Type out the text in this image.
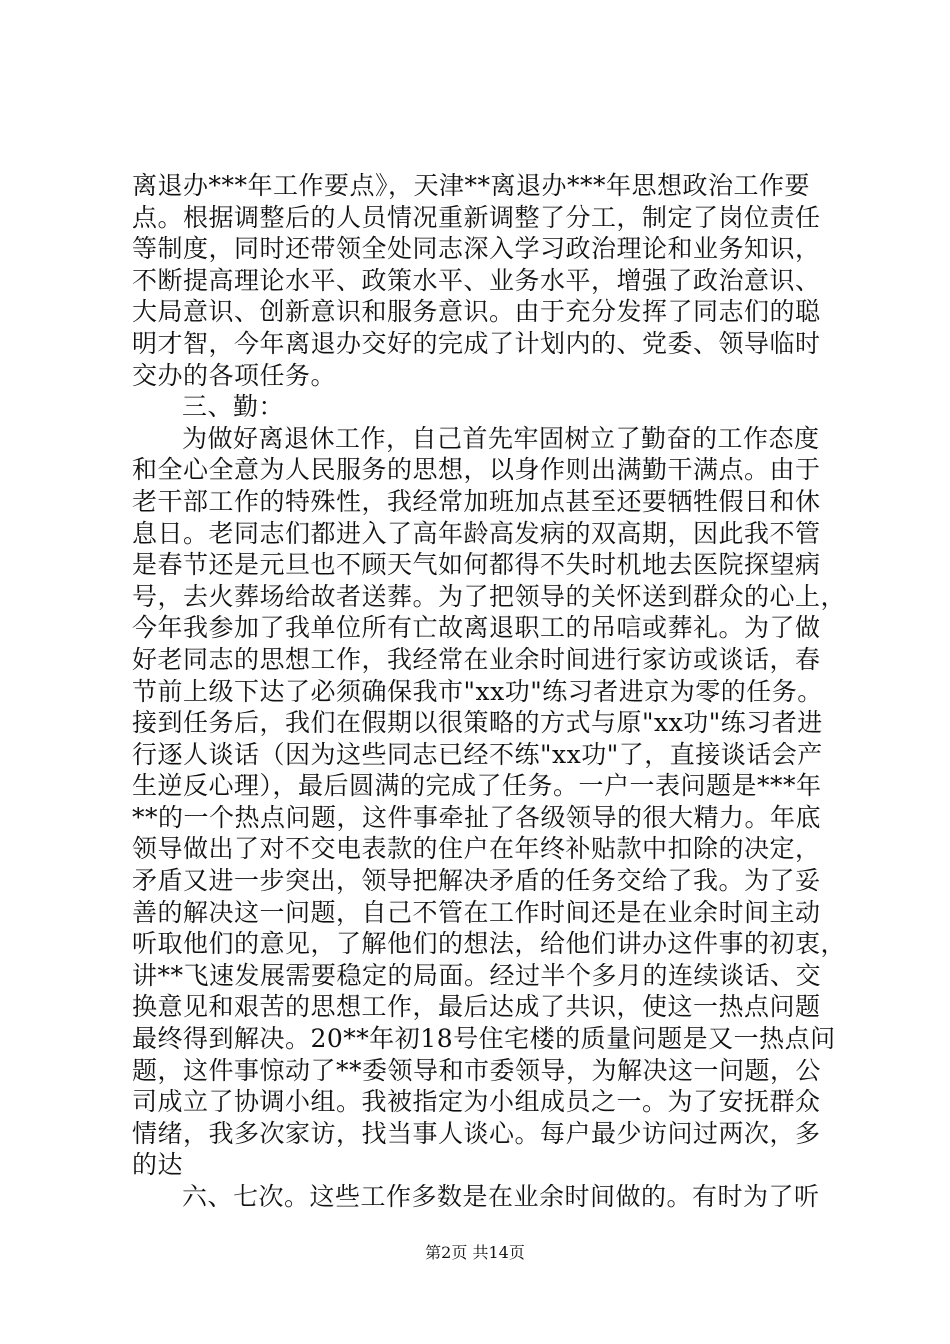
离退办***年工作要点》，天津**离退办***年思想政治工作要
点。根据调整后的人员情况重新调整了分工，制定了岗位责任
等制度，同时还带领全处同志深入学习政治理论和业务知识，
不断提高理论水平、政策水平、业务水平，增强了政治意识、
大局意识、创新意识和服务意识。由于充分发挥了同志们的聪
明才智，今年离退办交好的完成了计划内的、党委、领导临时
交办的各项任务。
三、勤：
为做好离退休工作，自己首先牢固树立了勤奋的工作态度
和全心全意为人民服务的思想，以身作则出满勤干满点。由于
老干部工作的特殊性，我经常加班加点甚至还要牺牲假日和休
息日。老同志们都进入了高年龄高发病的双高期，因此我不管
是春节还是元旦也不顾天气如何都得不失时机地去医院探望病
号，去火葬场给故者送葬。为了把领导的关怀送到群众的心上，
今年我参加了我单位所有亡故离退职工的吊唁或葬礼。为了做
好老同志的思想工作，我经常在业余时间进行家访或谈话，春
节前上级下达了必须确保我市"xx功"练习者进京为零的任务。
接到任务后，我们在假期以很策略的方式与原"xx功"练习者进
行逐人谈话（因为这些同志已经不练"xx功"了，直接谈话会产
生逆反心理），最后圆满的完成了任务。一户一表问题是***年
**的一个热点问题，这件事牵扯了各级领导的很大精力。年底
领导做出了对不交电表款的住户在年终补贴款中扣除的决定，
矛盾又进一步突出，领导把解决矛盾的任务交给了我。为了妥
善的解决这一问题，自己不管在工作时间还是在业余时间主动
听取他们的意见，了解他们的想法，给他们讲办这件事的初衷，
讲**飞速发展需要稳定的局面。经过半个多月的连续谈话、交
换意见和艰苦的思想工作，最后达成了共识，使这一热点问题
最终得到解决。20**年初18号住宅楼的质量问题是又一热点问
题，这件事惊动了**委领导和市委领导，为解决这一问题，公
司成立了协调小组。我被指定为小组成员之一。为了安抚群众
情绪，我多次家访，找当事人谈心。每户最少访问过两次，多
的达
六、七次。这些工作多数是在业余时间做的。有时为了听
第2页 共14页
